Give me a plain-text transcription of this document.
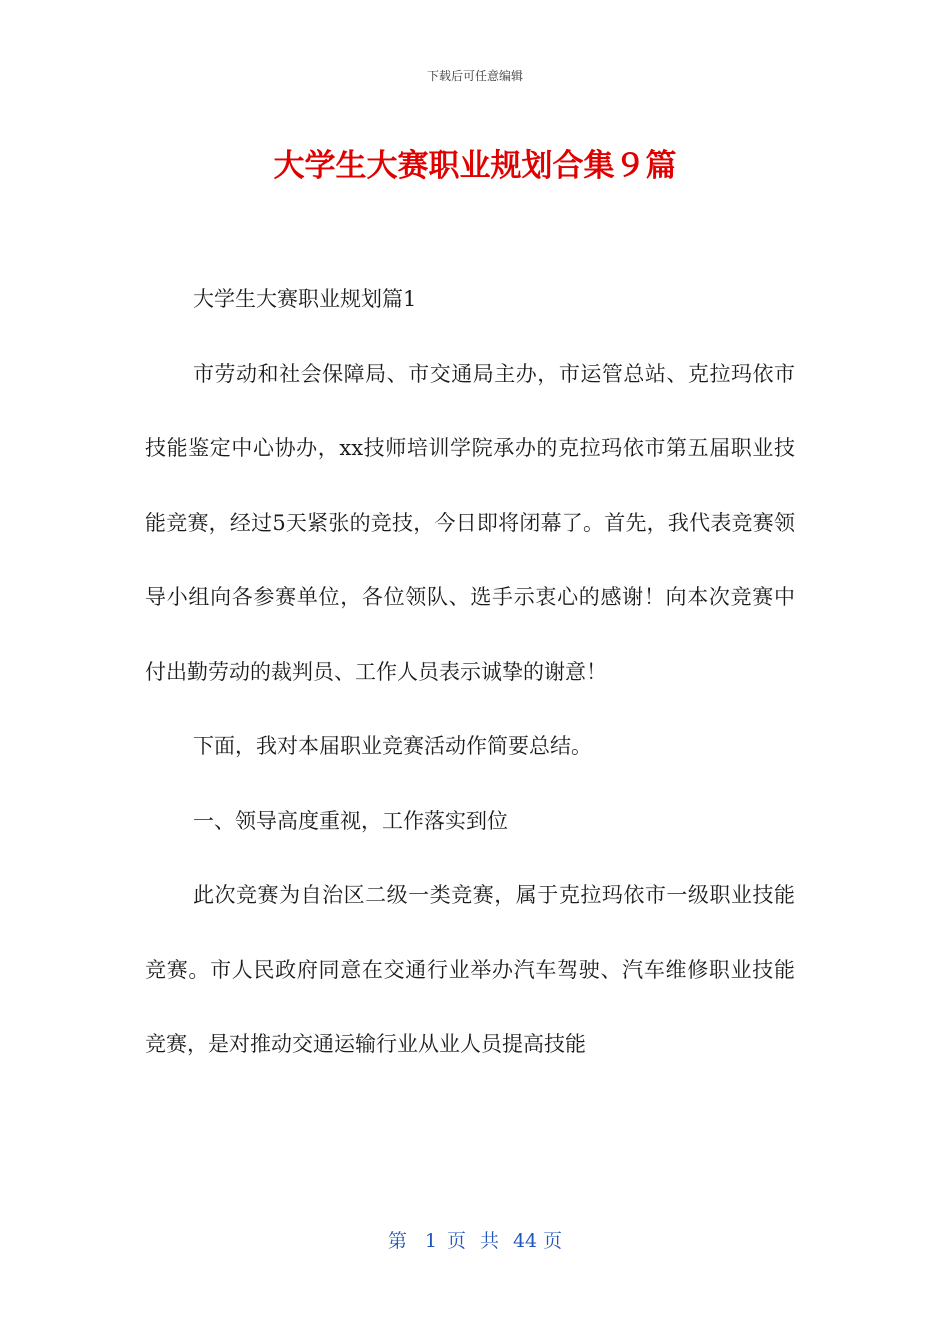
下载后可任意编辑
大学生大赛职业规划合集９篇

大学生大赛职业规划篇1

市劳动和社会保障局、市交通局主办，市运管总站、克拉玛依市技能鉴定中心协办，xx技师培训学院承办的克拉玛依市第五届职业技能竞赛，经过5天紧张的竞技，今日即将闭幕了。首先，我代表竞赛领导小组向各参赛单位，各位领队、选手示衷心的感谢！向本次竞赛中付出勤劳动的裁判员、工作人员表示诚挚的谢意！

下面，我对本届职业竞赛活动作简要总结。

一、领导高度重视，工作落实到位

此次竞赛为自治区二级一类竞赛，属于克拉玛依市一级职业技能竞赛。市人民政府同意在交通行业举办汽车驾驶、汽车维修职业技能竞赛，是对推动交通运输行业从业人员提高技能

第 1 页 共 44 页
